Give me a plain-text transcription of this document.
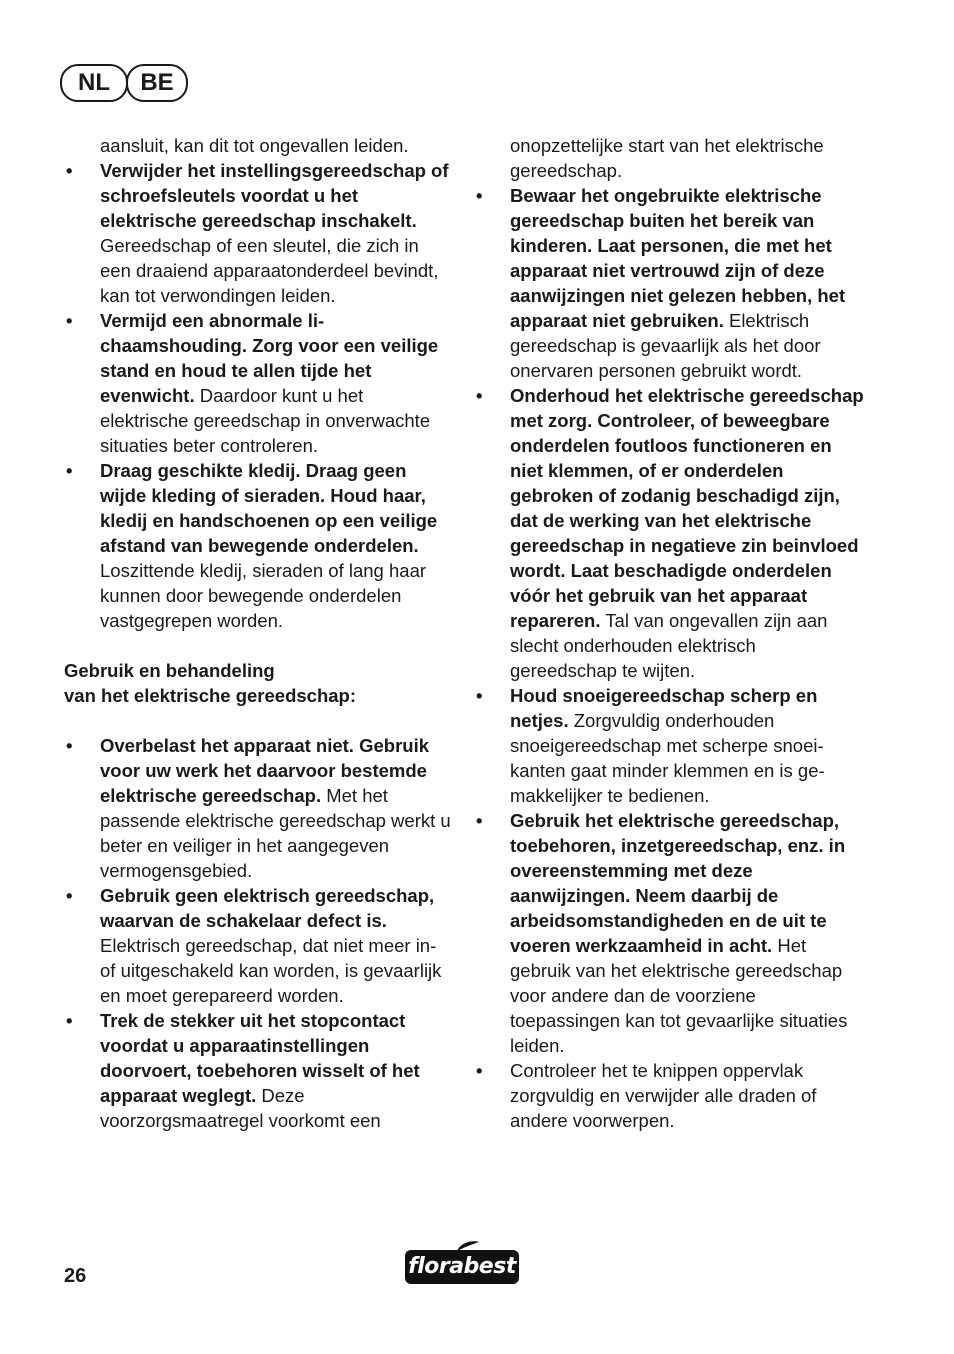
NL	BE

aansluit, kan dit tot ongevallen leiden.

• Verwijder het instellingsgereedschap of schroefsleutels voordat u het elektrische gereedschap inschakelt. Gereedschap of een sleutel, die zich in een draaiend apparaatonderdeel bevindt, kan tot verwondingen leiden.
• Vermijd een abnormale lichaamshouding. Zorg voor een veilige stand en houd te allen tijde het evenwicht. Daardoor kunt u het elektrische gereedschap in onverwachte situaties beter controleren.
• Draag geschikte kledij. Draag geen wijde kleding of sieraden. Houd haar, kledij en handschoenen op een veilige afstand van bewegende onderdelen. Loszittende kledij, sieraden of lang haar kunnen door bewegende onderdelen vastgegrepen worden.
Gebruik en behandeling
van het elektrische gereedschap:
• Overbelast het apparaat niet. Gebruik voor uw werk het daarvoor bestemde elektrische gereedschap. Met het passende elektrische gereedschap werkt u beter en veiliger in het aangegeven vermogensgebied.
• Gebruik geen elektrisch gereedschap, waarvan de schakelaar defect is. Elektrisch gereedschap, dat niet meer in- of uitgeschakeld kan worden, is gevaarlijk en moet gerepareerd worden.
• Trek de stekker uit het stopcontact voordat u apparaatinstellingen doorvoert, toebehoren wisselt of het apparaat weglegt. Deze voorzorgsmaatregel voorkomt een

onopzettelijke start van het elektrische gereedschap.

• Bewaar het ongebruikte elektrische gereedschap buiten het bereik van kinderen. Laat personen, die met het apparaat niet vertrouwd zijn of deze aanwijzingen niet gelezen hebben, het apparaat niet gebruiken. Elektrisch gereedschap is gevaarlijk als het door onervaren personen gebruikt wordt.
• Onderhoud het elektrische gereedschap met zorg. Controleer, of beweegbare onderdelen foutloos functioneren en niet klemmen, of er onderdelen gebroken of zodanig beschadigd zijn, dat de werking van het elektrische gereedschap in negatieve zin beinvloed wordt. Laat beschadigde onderdelen vóór het gebruik van het apparaat repareren. Tal van ongevallen zijn aan slecht onderhouden elektrisch gereedschap te wijten.
• Houd snoeigereedschap scherp en netjes. Zorgvuldig onderhouden snoeigereedschap met scherpe snoeikanten gaat minder klemmen en is gemakkelijker te bedienen.
• Gebruik het elektrische gereedschap, toebehoren, inzetgereedschap, enz. in overeenstemming met deze aanwijzingen. Neem daarbij de arbeidsomstandigheden en de uit te voeren werkzaamheid in acht. Het gebruik van het elektrische gereedschap voor andere dan de voorziene toepassingen kan tot gevaarlijke situaties leiden.
• Controleer het te knippen oppervlak zorgvuldig en verwijder alle draden of andere voorwerpen.
26	florabest
